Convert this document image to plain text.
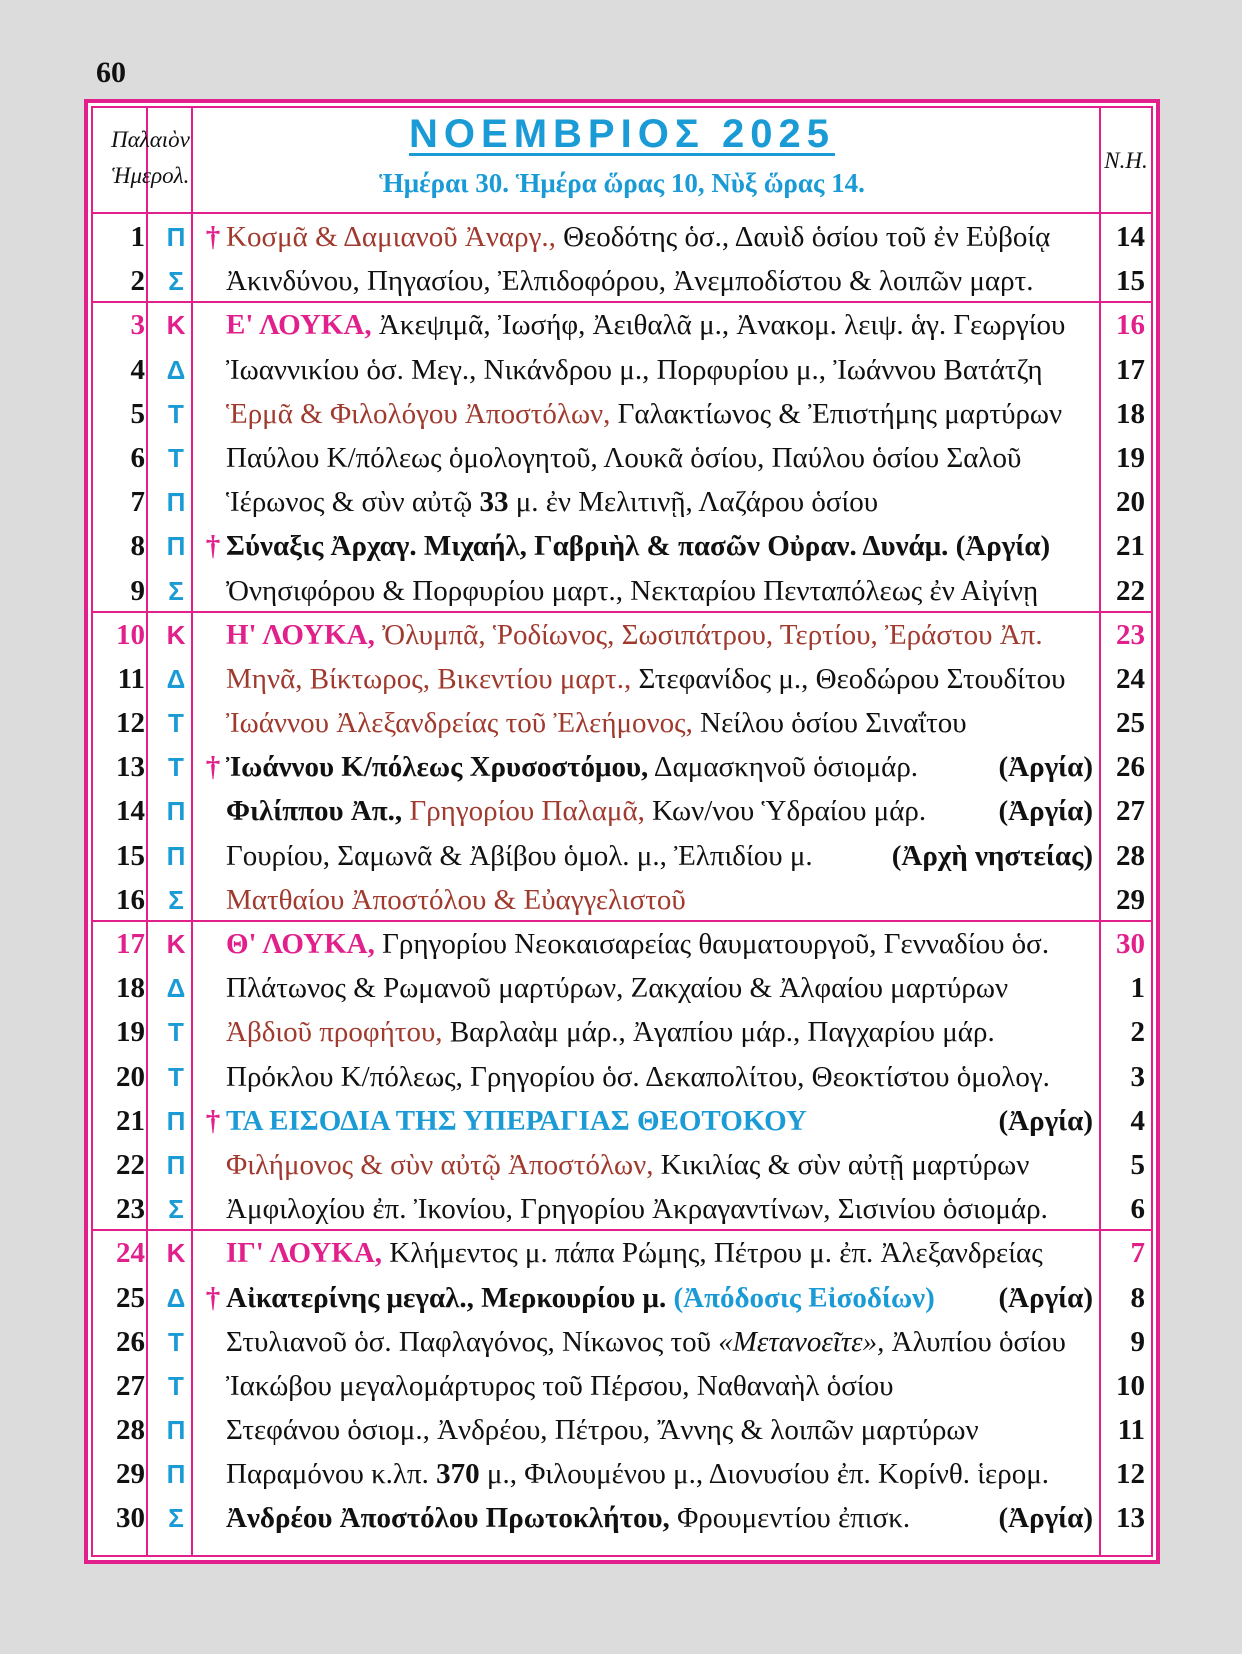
60
Παλαιὸν
Ἡμερολ.
ΝΟΕΜΒΡΙΟΣ 2025
Ἡμέραι 30. Ἡμέρα ὥρας 10, Νὺξ ὥρας 14.
Ν.Η.
1 Π † Κοσμᾶ & Δαμιανοῦ Ἀναργ., Θεοδότης ὁσ., Δαυὶδ ὁσίου τοῦ ἐν Εὐβοίᾳ	14
2 Σ	Ἀκινδύνου, Πηγασίου, Ἐλπιδοφόρου, Ἀνεμποδίστου & λοιπῶν μαρτ.	15
3 Κ Ε' ΛΟΥΚΑ, Ἀκεψιμᾶ, Ἰωσήφ, Ἀειθαλᾶ μ., Ἀνακομ. λειψ. ἁγ. Γεωργίου	16
4 Δ Ἰωαννικίου ὁσ. Μεγ., Νικάνδρου μ., Πορφυρίου μ., Ἰωάννου Βατάτζη	17
5 Τ	Ἑρμᾶ & Φιλολόγου Ἀποστόλων, Γαλακτίωνος & Ἐπιστήμης μαρτύρων	18
6 Τ	Παύλου Κ/πόλεως ὁμολογητοῦ, Λουκᾶ ὁσίου, Παύλου ὁσίου Σαλοῦ	19
7 Π Ἱέρωνος & σὺν αὐτῷ 33 μ. ἐν Μελιτινῇ, Λαζάρου ὁσίου	20
8 Π † Σύναξις Ἀρχαγ. Μιχαήλ, Γαβριὴλ & πασῶν Οὐραν. Δυνάμ. (Ἀργία)	21
9 Σ	Ὀνησιφόρου & Πορφυρίου μαρτ., Νεκταρίου Πενταπόλεως ἐν Αἰγίνῃ	22
10 Κ Η' ΛΟΥΚΑ, Ὀλυμπᾶ, Ῥοδίωνος, Σωσιπάτρου, Τερτίου, Ἐράστου Ἀπ.	23
11 Δ Μηνᾶ, Βίκτωρος, Βικεντίου μαρτ., Στεφανίδος μ., Θεοδώρου Στουδίτου	24
12 Τ	Ἰωάννου Ἀλεξανδρείας τοῦ Ἐλεήμονος, Νείλου ὁσίου Σιναΐτου	25
13 Τ † Ἰωάννου Κ/πόλεως Χρυσοστόμου, Δαμασκηνοῦ ὁσιομάρ.	(Ἀργία) 26
14 Π Φιλίππου Ἀπ., Γρηγορίου Παλαμᾶ, Κων/νου Ὑδραίου μάρ.	(Ἀργία) 27
15 Π Γουρίου, Σαμωνᾶ & Ἀβίβου ὁμολ. μ., Ἐλπιδίου μ.	(Ἀρχὴ νηστείας) 28
16 Σ	Ματθαίου Ἀποστόλου & Εὐαγγελιστοῦ	29
17 Κ Θ' ΛΟΥΚΑ, Γρηγορίου Νεοκαισαρείας θαυματουργοῦ, Γενναδίου ὁσ.	30
18 Δ Πλάτωνος & Ρωμανοῦ μαρτύρων, Ζακχαίου & Ἀλφαίου μαρτύρων	1
19 Τ	Ἀβδιοῦ προφήτου, Βαρλαὰμ μάρ., Ἀγαπίου μάρ., Παγχαρίου μάρ.	2
20 Τ	Πρόκλου Κ/πόλεως, Γρηγορίου ὁσ. Δεκαπολίτου, Θεοκτίστου ὁμολογ.	3
21 Π † ΤΑ ΕΙΣΟΔΙΑ ΤΗΣ ΥΠΕΡΑΓΙΑΣ ΘΕΟΤΟΚΟΥ	(Ἀργία)	4
22 Π Φιλήμονος & σὺν αὐτῷ Ἀποστόλων, Κικιλίας & σὺν αὐτῇ μαρτύρων	5
23 Σ	Ἀμφιλοχίου ἐπ. Ἰκονίου, Γρηγορίου Ἀκραγαντίνων, Σισινίου ὁσιομάρ.	6
24 Κ ΙΓ' ΛΟΥΚΑ, Κλήμεντος μ. πάπα Ρώμης, Πέτρου μ. ἐπ. Ἀλεξανδρείας	7
25 Δ † Αἰκατερίνης μεγαλ., Μερκουρίου μ. (Ἀπόδοσις Εἰσοδίων)	(Ἀργία)	8
26 Τ	Στυλιανοῦ ὁσ. Παφλαγόνος, Νίκωνος τοῦ «Μετανοεῖτε», Ἀλυπίου ὁσίου	9
27 Τ	Ἰακώβου μεγαλομάρτυρος τοῦ Πέρσου, Ναθαναὴλ ὁσίου	10
28 Π Στεφάνου ὁσιομ., Ἀνδρέου, Πέτρου, Ἄννης & λοιπῶν μαρτύρων	11
29 Π Παραμόνου κ.λπ. 370 μ., Φιλουμένου μ., Διονυσίου ἐπ. Κορίνθ. ἱερομ.	12
30 Σ	Ἀνδρέου Ἀποστόλου Πρωτοκλήτου, Φρουμεντίου ἐπισκ.	(Ἀργία) 13
